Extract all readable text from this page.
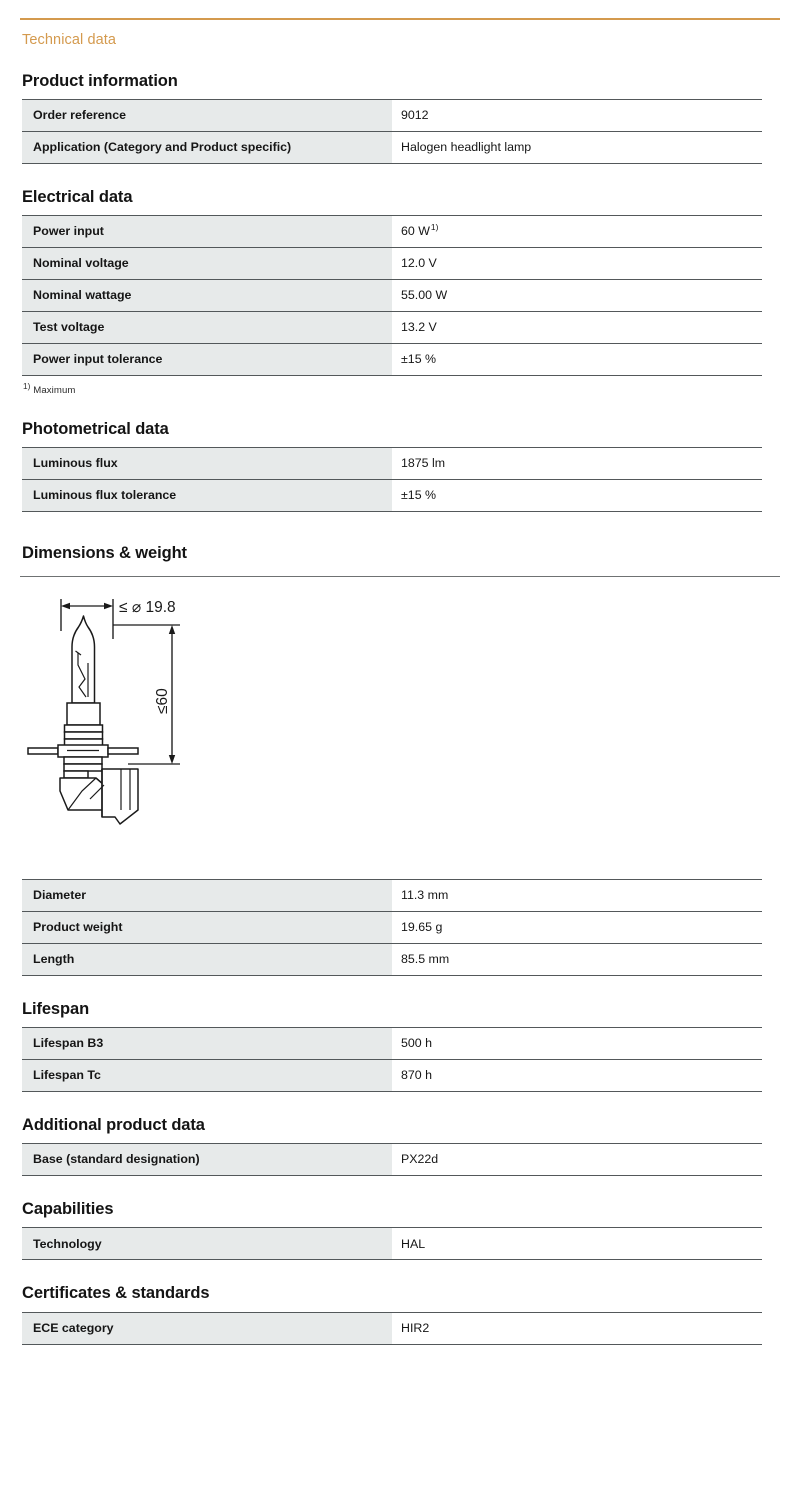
Technical data
Product information
Order reference	9012
Application (Category and Product specific)	Halogen headlight lamp
Electrical data
Power input	60 $W^{1)}$
Nominal voltage	12.0 V
Nominal wattage	55.00 W
Test voltage	13.2 V
Power input tolerance	±15 %
$^{1)}$ Maximum
Photometrical data
Luminous flux	1875 lm
Luminous flux tolerance	±15 %
Dimensions & weight
≤ ⌀ 19.8
≤60
Diameter	11.3 mm
Product weight	19.65 g
Length	85.5 mm
Lifespan
Lifespan B3	500 h
Lifespan Tc	870 h
Additional product data
Base (standard designation)	PX22d
Capabilities
Technology	HAL
Certificates & standards
ECE category	HIR2
